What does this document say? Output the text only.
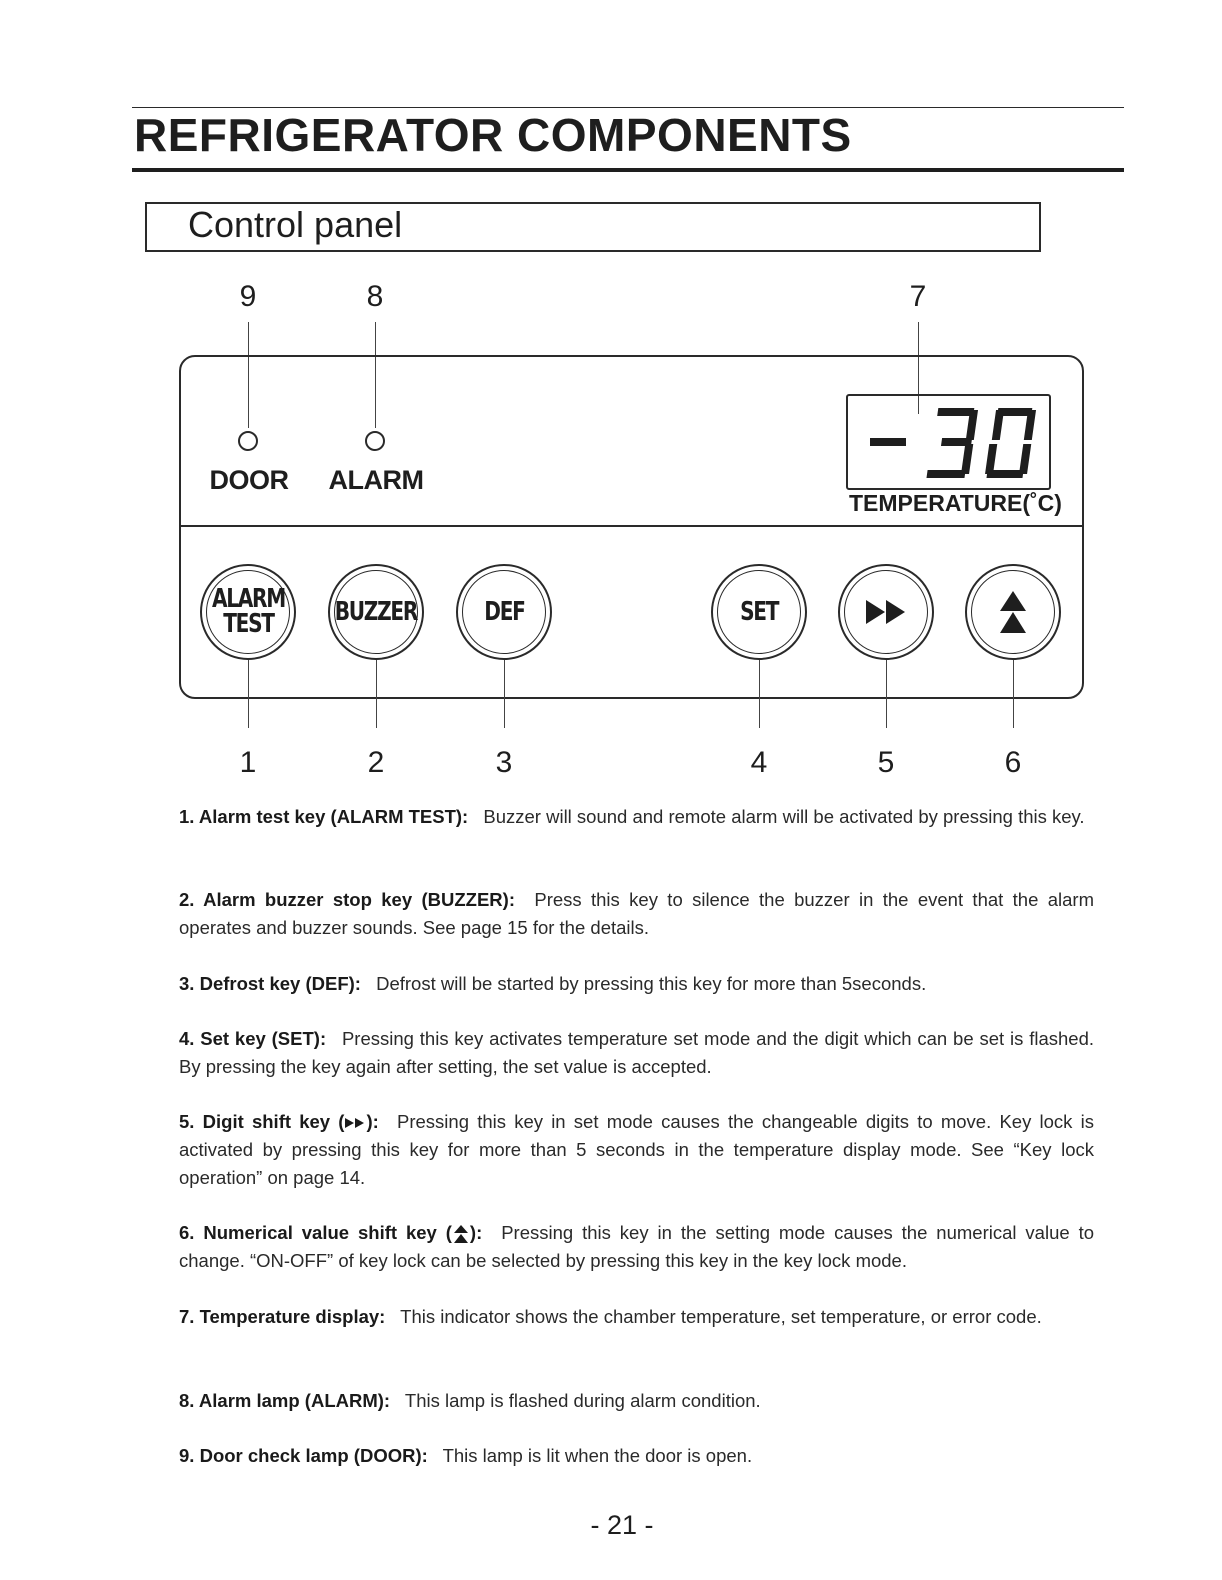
REFRIGERATOR COMPONENTS
Control panel
9	8	7
DOOR ALARM
TEMPERATURE(˚C)
ALARM
TEST	BUZZER	DEF	SET
1	2	3	4	5	6
1. Alarm test key (ALARM TEST): Buzzer will sound and remote alarm will be activated by pressing this key.
2. Alarm buzzer stop key (BUZZER): Press this key to silence the buzzer in the event that the alarm operates and buzzer sounds. See page 15 for the details.
3. Defrost key (DEF): Defrost will be started by pressing this key for more than 5seconds.
4. Set key (SET): Pressing this key activates temperature set mode and the digit which can be set is flashed. By pressing the key again after setting, the set value is accepted.
5. Digit shift key ( ): Pressing this key in set mode causes the changeable digits to move. Key lock is activated by pressing this key for more than 5 seconds in the temperature display mode. See “Key lock operation” on page 14.
6. Numerical value shift key ( ): Pressing this key in the setting mode causes the numerical value to change. “ON-OFF” of key lock can be selected by pressing this key in the key lock mode.
7. Temperature display: This indicator shows the chamber temperature, set temperature, or error code.
8. Alarm lamp (ALARM): This lamp is flashed during alarm condition.
9. Door check lamp (DOOR): This lamp is lit when the door is open.
- 21 -
